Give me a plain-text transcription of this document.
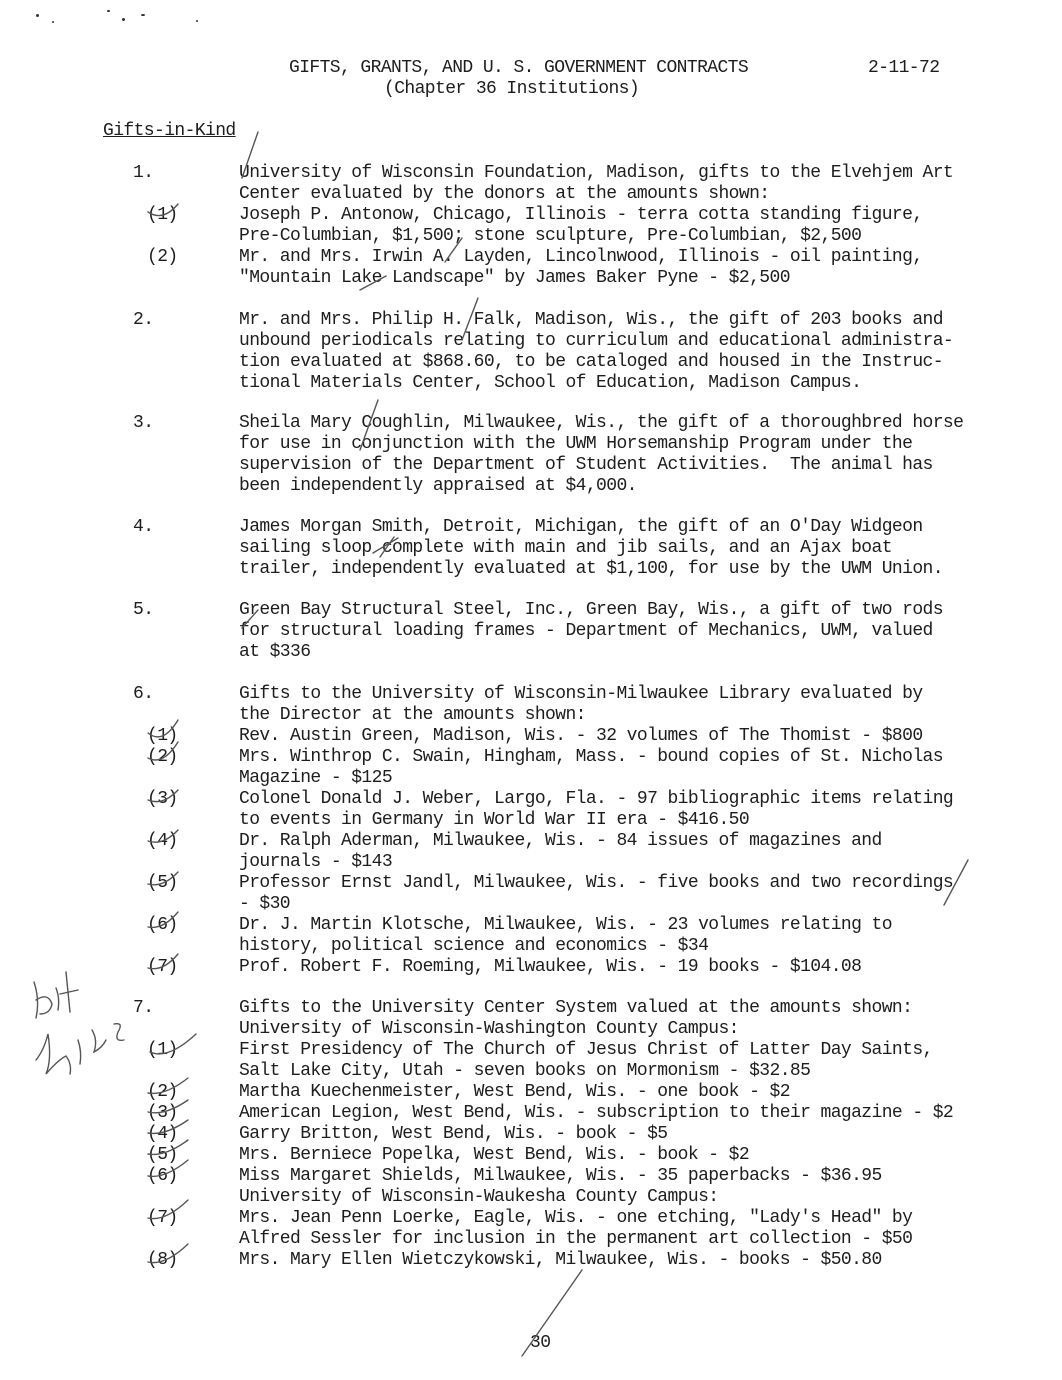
GIFTS, GRANTS, AND U. S. GOVERNMENT CONTRACTS
(Chapter 36 Institutions)
2-11-72
Gifts-in-Kind
1.	University of Wisconsin Foundation, Madison, gifts to the Elvehjem Art
Center evaluated by the donors at the amounts shown:
(1)	Joseph P. Antonow, Chicago, Illinois - terra cotta standing figure,
Pre-Columbian, $1,500; stone sculpture, Pre-Columbian, $2,500
(2)	Mr. and Mrs. Irwin A. Layden, Lincolnwood, Illinois - oil painting,
"Mountain Lake Landscape" by James Baker Pyne - $2,500
2.	Mr. and Mrs. Philip H. Falk, Madison, Wis., the gift of 203 books and
unbound periodicals relating to curriculum and educational administra-
tion evaluated at $868.60, to be cataloged and housed in the Instruc-
tional Materials Center, School of Education, Madison Campus.
3.	Sheila Mary Coughlin, Milwaukee, Wis., the gift of a thoroughbred horse
for use in conjunction with the UWM Horsemanship Program under the
supervision of the Department of Student Activities.  The animal has
been independently appraised at $4,000.
4.	James Morgan Smith, Detroit, Michigan, the gift of an O'Day Widgeon
sailing sloop complete with main and jib sails, and an Ajax boat
trailer, independently evaluated at $1,100, for use by the UWM Union.
5.	Green Bay Structural Steel, Inc., Green Bay, Wis., a gift of two rods
for structural loading frames - Department of Mechanics, UWM, valued
at $336
6.	Gifts to the University of Wisconsin-Milwaukee Library evaluated by
the Director at the amounts shown:
(1)	Rev. Austin Green, Madison, Wis. - 32 volumes of The Thomist - $800
(2)	Mrs. Winthrop C. Swain, Hingham, Mass. - bound copies of St. Nicholas
Magazine - $125
(3)	Colonel Donald J. Weber, Largo, Fla. - 97 bibliographic items relating
to events in Germany in World War II era - $416.50
(4)	Dr. Ralph Aderman, Milwaukee, Wis. - 84 issues of magazines and
journals - $143
(5)	Professor Ernst Jandl, Milwaukee, Wis. - five books and two recordings
- $30
(6)	Dr. J. Martin Klotsche, Milwaukee, Wis. - 23 volumes relating to
history, political science and economics - $34
(7)	Prof. Robert F. Roeming, Milwaukee, Wis. - 19 books - $104.08
7.	Gifts to the University Center System valued at the amounts shown:
University of Wisconsin-Washington County Campus:
(1)	First Presidency of The Church of Jesus Christ of Latter Day Saints,
Salt Lake City, Utah - seven books on Mormonism - $32.85
(2)	Martha Kuechenmeister, West Bend, Wis. - one book - $2
(3)	American Legion, West Bend, Wis. - subscription to their magazine - $2
(4)	Garry Britton, West Bend, Wis. - book - $5
(5)	Mrs. Berniece Popelka, West Bend, Wis. - book - $2
(6)	Miss Margaret Shields, Milwaukee, Wis. - 35 paperbacks - $36.95
University of Wisconsin-Waukesha County Campus:
(7)	Mrs. Jean Penn Loerke, Eagle, Wis. - one etching, "Lady's Head" by
Alfred Sessler for inclusion in the permanent art collection - $50
(8)	Mrs. Mary Ellen Wietczykowski, Milwaukee, Wis. - books - $50.80
30
